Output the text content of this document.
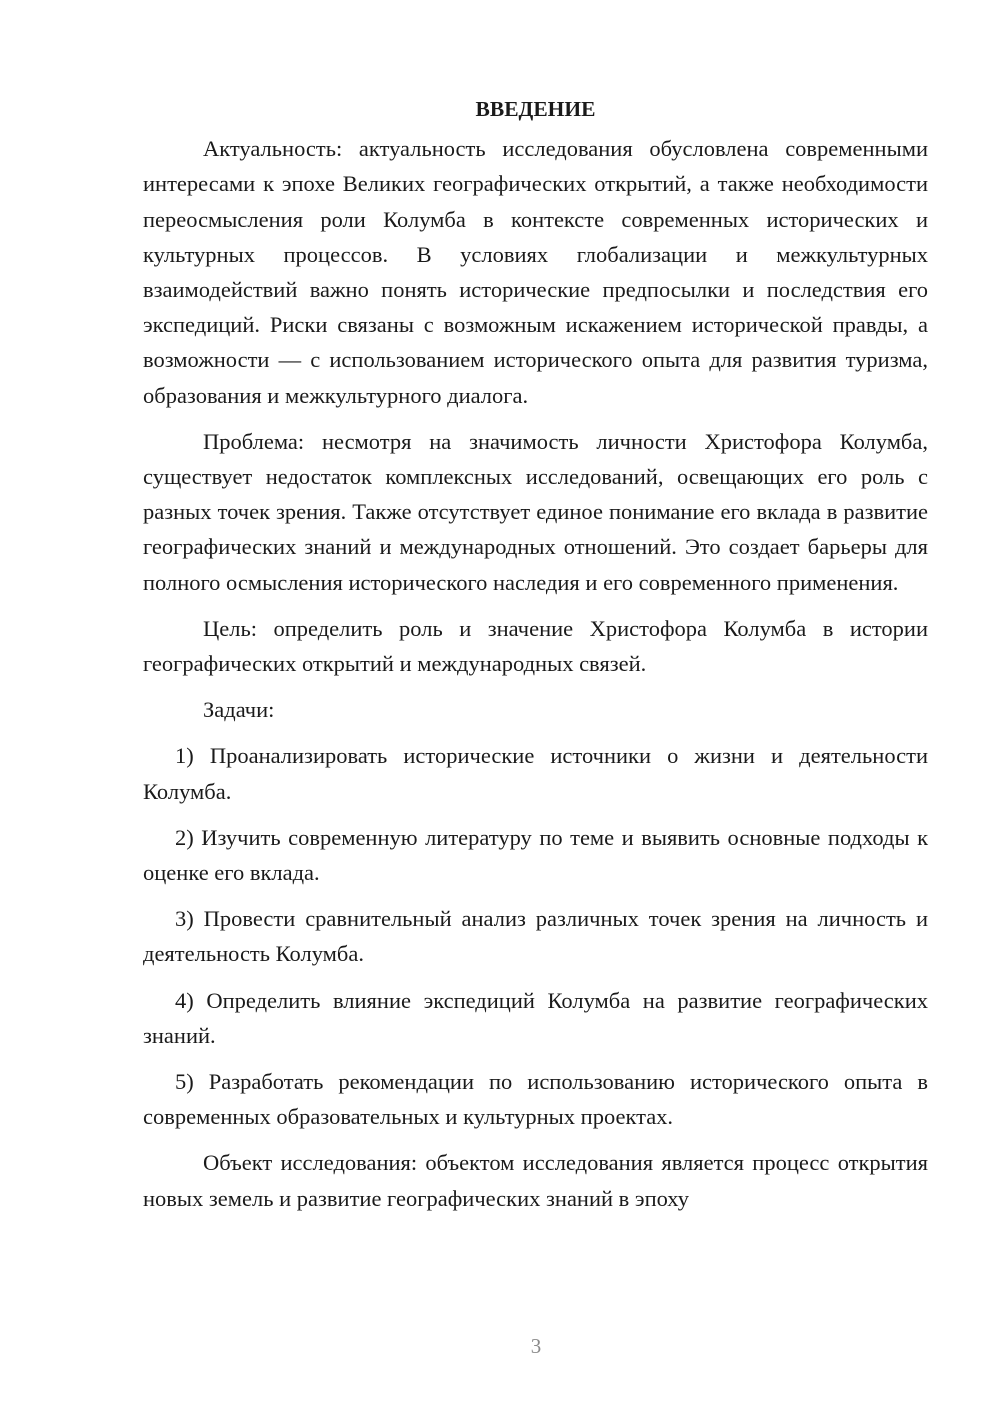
ВВЕДЕНИЕ

Актуальность: актуальность исследования обусловлена современными интересами к эпохе Великих географических открытий, а также необходимости переосмысления роли Колумба в контексте современных исторических и культурных процессов. В условиях глобализации и межкультурных взаимодействий важно понять исторические предпосылки и последствия его экспедиций. Риски связаны с возможным искажением исторической правды, а возможности — с использованием исторического опыта для развития туризма, образования и межкультурного диалога.

Проблема: несмотря на значимость личности Христофора Колумба, существует недостаток комплексных исследований, освещающих его роль с разных точек зрения. Также отсутствует единое понимание его вклада в развитие географических знаний и международных отношений. Это создает барьеры для полного осмысления исторического наследия и его современного применения.

Цель: определить роль и значение Христофора Колумба в истории географических открытий и международных связей.

Задачи:

1) Проанализировать исторические источники о жизни и деятельности Колумба.

2) Изучить современную литературу по теме и выявить основные подходы к оценке его вклада.

3) Провести сравнительный анализ различных точек зрения на личность и деятельность Колумба.

4) Определить влияние экспедиций Колумба на развитие географических знаний.

5) Разработать рекомендации по использованию исторического опыта в современных образовательных и культурных проектах.

Объект исследования: объектом исследования является процесс открытия новых земель и развитие географических знаний в эпоху

3
